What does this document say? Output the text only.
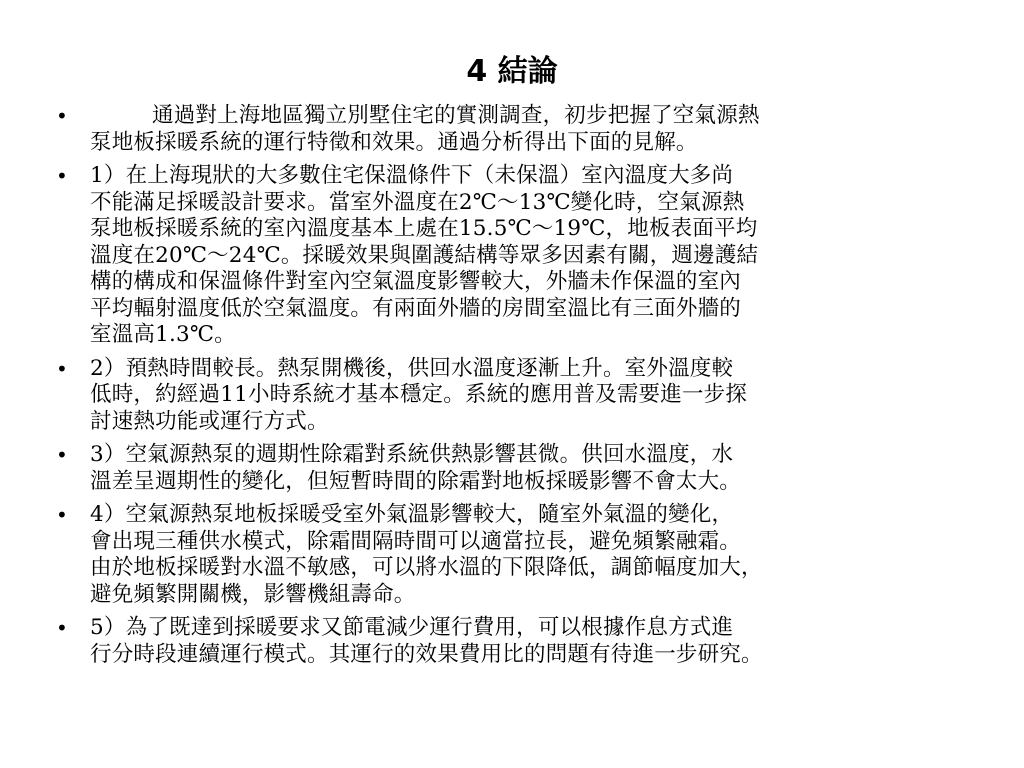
4 結論
•	通過對上海地區獨立別墅住宅的實測調查，初步把握了空氣源熱
泵地板採暖系統的運行特徵和效果。通過分析得出下面的見解。
• 1）在上海現狀的大多數住宅保溫條件下（未保溫）室內溫度大多尚
不能滿足採暖設計要求。當室外溫度在2℃～13℃變化時，空氣源熱
泵地板採暖系統的室內溫度基本上處在15.5℃～19℃，地板表面平均
溫度在20℃～24℃。採暖效果與圍護結構等眾多因素有關，週邊護結
構的構成和保溫條件對室內空氣溫度影響較大，外牆未作保溫的室內
平均輻射溫度低於空氣溫度。有兩面外牆的房間室溫比有三面外牆的
室溫高1.3℃。
• 2）預熱時間較長。熱泵開機後，供回水溫度逐漸上升。室外溫度較
低時，約經過11小時系統才基本穩定。系統的應用普及需要進一步探
討速熱功能或運行方式。
• 3）空氣源熱泵的週期性除霜對系統供熱影響甚微。供回水溫度，水
溫差呈週期性的變化，但短暫時間的除霜對地板採暖影響不會太大。
• 4）空氣源熱泵地板採暖受室外氣溫影響較大，隨室外氣溫的變化，
會出現三種供水模式，除霜間隔時間可以適當拉長，避免頻繁融霜。
由於地板採暖對水溫不敏感，可以將水溫的下限降低，調節幅度加大，
避免頻繁開關機，影響機組壽命。
• 5）為了既達到採暖要求又節電減少運行費用，可以根據作息方式進
行分時段連續運行模式。其運行的效果費用比的問題有待進一步研究。
